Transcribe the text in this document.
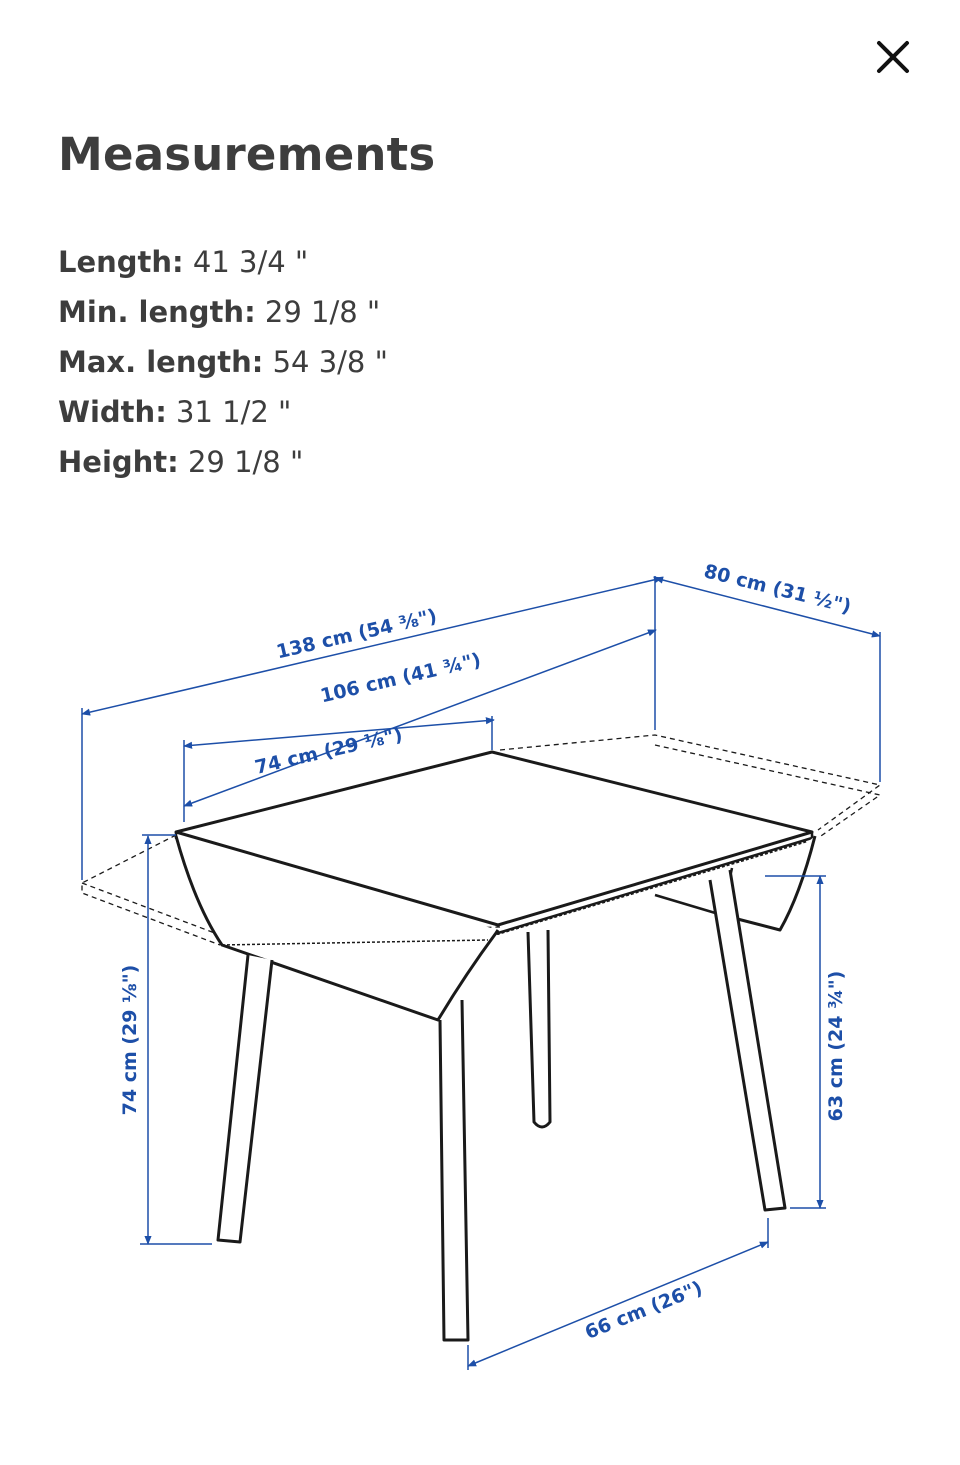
Measurements
Length: 41 3/4 "
Min. length: 29 1/8 "
Max. length: 54 3/8 "
Width: 31 1/2 "
Height: 29 1/8 "
138 cm (54 ⅜")
106 cm (41 ¾")
74 cm (29 ⅛")
80 cm (31 ½")
74 cm (29 ⅛")	63 cm (24 ¾")
66 cm (26")
